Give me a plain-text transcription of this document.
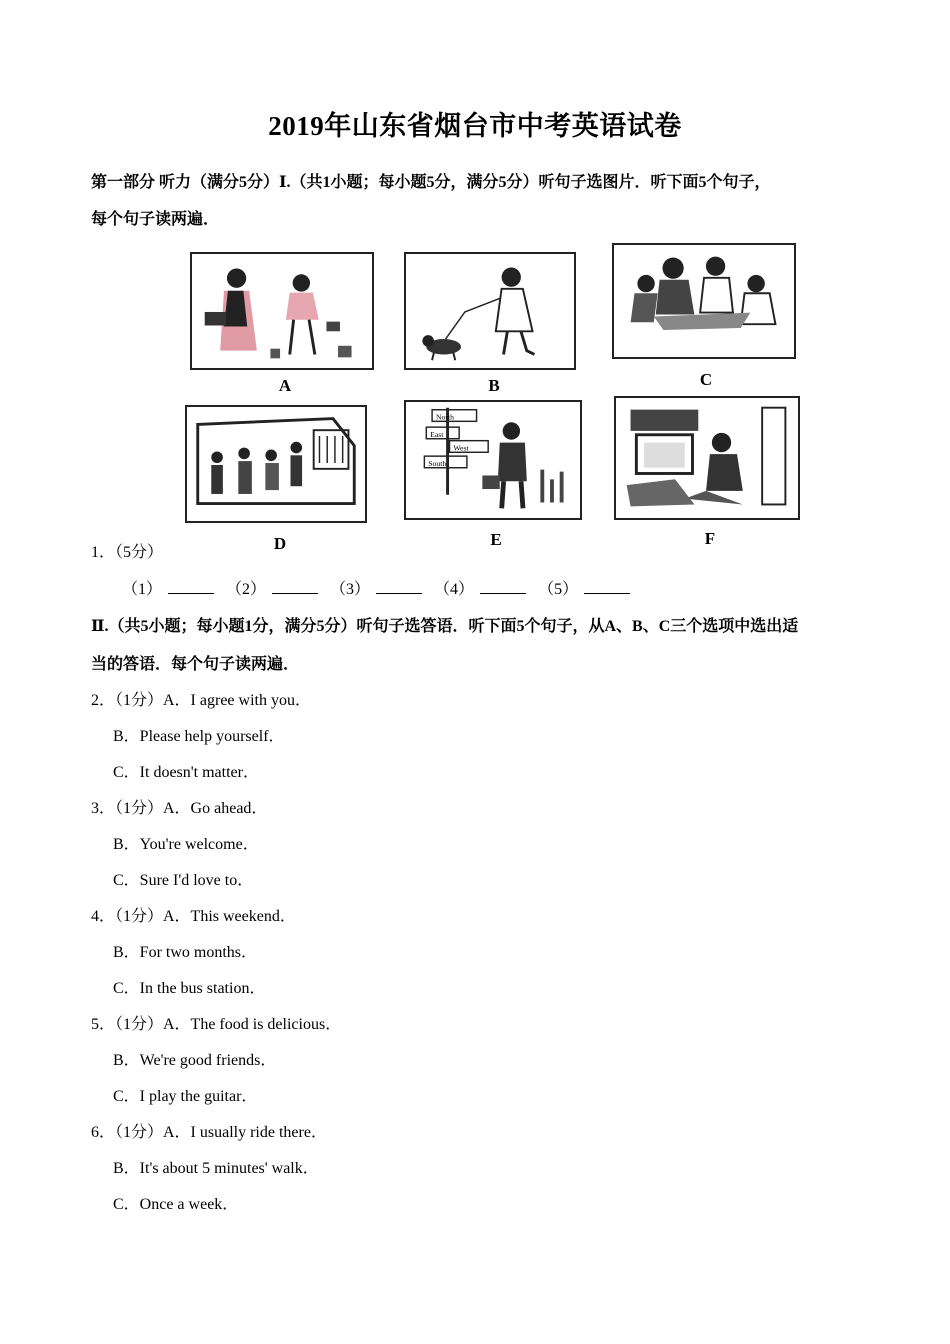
2019年山东省烟台市中考英语试卷
第一部分 听力（满分5分）Ⅰ.（共1小题；每小题5分，满分5分）听句子选图片．听下面5个句子，
每个句子读两遍．
A	B	C
D
North
East
West
South
E	F
1．（5分）
（1）	（2）	（3）	（4）	（5）
Ⅱ.（共5小题；每小题1分，满分5分）听句子选答语．听下面5个句子，从A、B、C三个选项中选出适
当的答语．每个句子读两遍．
2．（1分）A．I agree with you．
B．Please help yourself．
C．It doesn't matter．
3．（1分）A．Go ahead．
B．You're welcome．
C．Sure I'd love to．
4．（1分）A．This weekend．
B．For two months．
C．In the bus station．
5．（1分）A．The food is delicious．
B．We're good friends．
C．I play the guitar．
6．（1分）A．I usually ride there．
B．It's about 5 minutes' walk．
C．Once a week．
